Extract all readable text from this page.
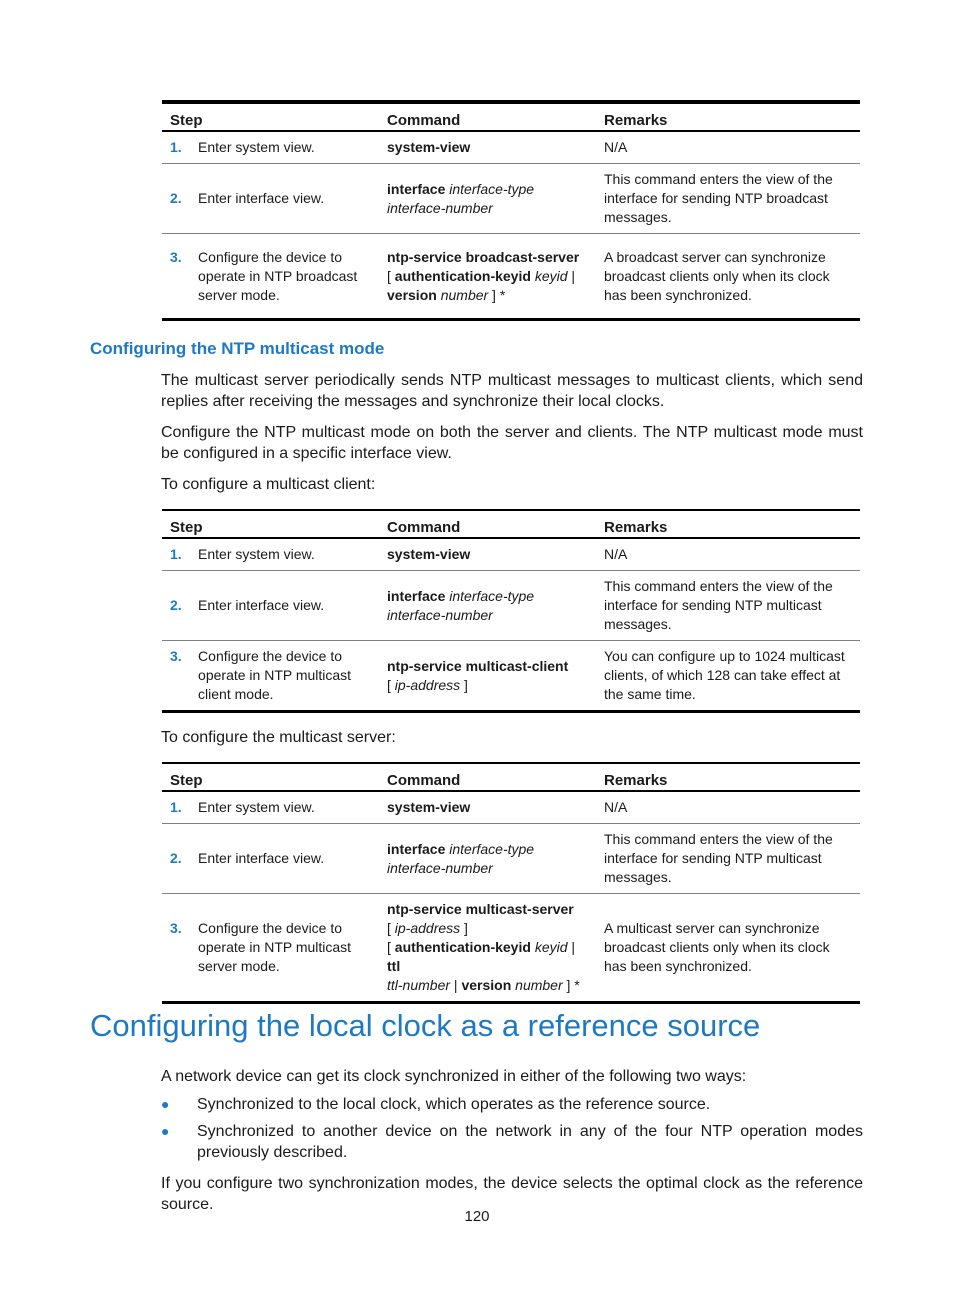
Step	Command	Remarks

1. Enter system view.	system-view	N/A

2. Enter interface view.	interface interface-type
interface-number	This command enters the view of the interface for sending NTP broadcast messages.

3. Configure the device to operate in NTP broadcast server mode.	ntp-service broadcast-server
[ authentication-keyid keyid |
version number ] *	A broadcast server can synchronize broadcast clients only when its clock has been synchronized.
Configuring the NTP multicast mode

The multicast server periodically sends NTP multicast messages to multicast clients, which send replies after receiving the messages and synchronize their local clocks.

Configure the NTP multicast mode on both the server and clients. The NTP multicast mode must be configured in a specific interface view.

To configure a multicast client:

Step	Command	Remarks

1. Enter system view.	system-view	N/A

2. Enter interface view.	interface interface-type
interface-number	This command enters the view of the interface for sending NTP multicast messages.

3. Configure the device to operate in NTP multicast client mode.	ntp-service multicast-client
[ ip-address ]	You can configure up to 1024 multicast clients, of which 128 can take effect at the same time.

To configure the multicast server:

Step	Command	Remarks

1. Enter system view.	system-view	N/A

2. Enter interface view.	interface interface-type
interface-number	This command enters the view of the interface for sending NTP multicast messages.

3. Configure the device to operate in NTP multicast server mode.	ntp-service multicast-server
[ ip-address ]
[ authentication-keyid keyid | ttl
ttl-number | version number ] *	A multicast server can synchronize broadcast clients only when its clock has been synchronized.
Configuring the local clock as a reference source

A network device can get its clock synchronized in either of the following two ways:

● Synchronized to the local clock, which operates as the reference source.
● Synchronized to another device on the network in any of the four NTP operation modes previously described.

If you configure two synchronization modes, the device selects the optimal clock as the reference source.

120
